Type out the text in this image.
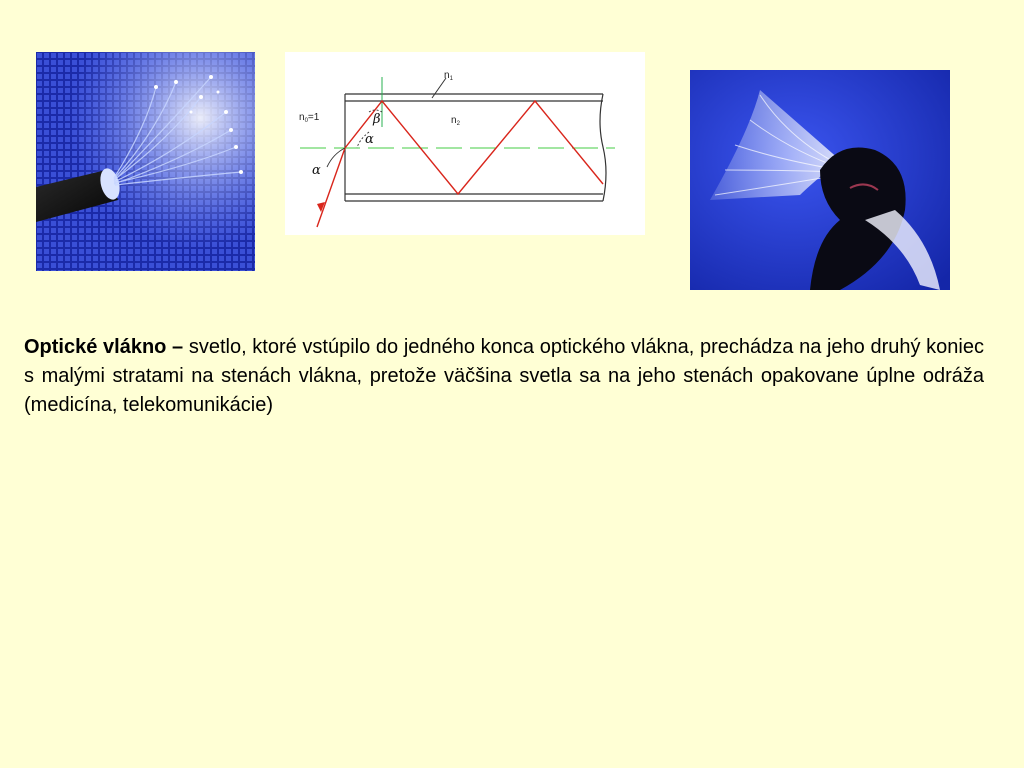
$n_1$
$n_2$
$n_0=1$	β
α
α
Optické vlákno – svetlo, ktoré vstúpilo do jedného konca optického vlákna, prechádza na jeho druhý koniec s malými stratami na stenách vlákna, pretože väčšina svetla sa na jeho stenách opakovane úplne odráža (medicína, telekomunikácie)
